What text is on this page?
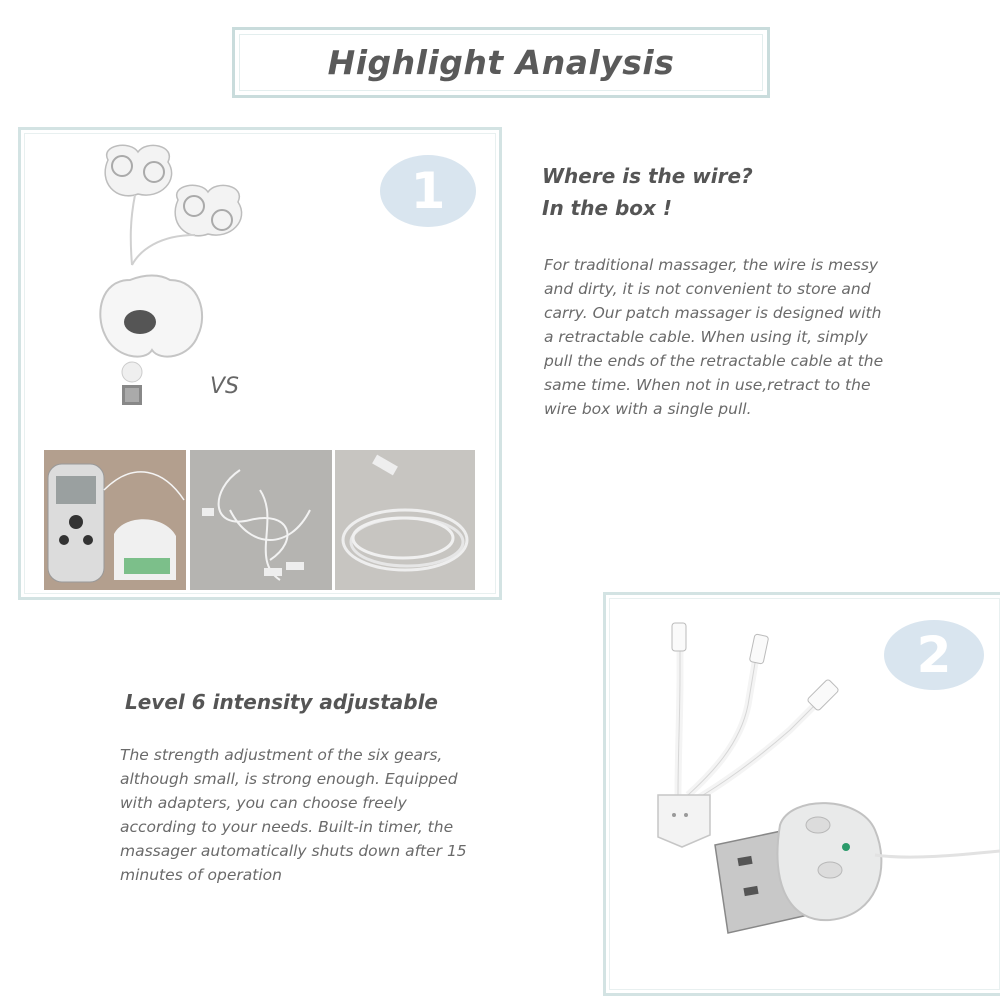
Highlight Analysis
1
VS
Where is the wire?
In the box !
For traditional massager, the wire is messy
and dirty, it is not convenient to store and
carry. Our patch massager is designed with
a retractable cable. When using it, simply
pull the ends of the retractable cable at the
same time. When not in use,retract to the
wire box with a single pull.
Level 6 intensity adjustable
The strength adjustment of the six gears,
although small, is strong enough. Equipped
with adapters, you can choose freely
according to your needs. Built-in timer, the
massager automatically shuts down after 15
minutes of operation
2
